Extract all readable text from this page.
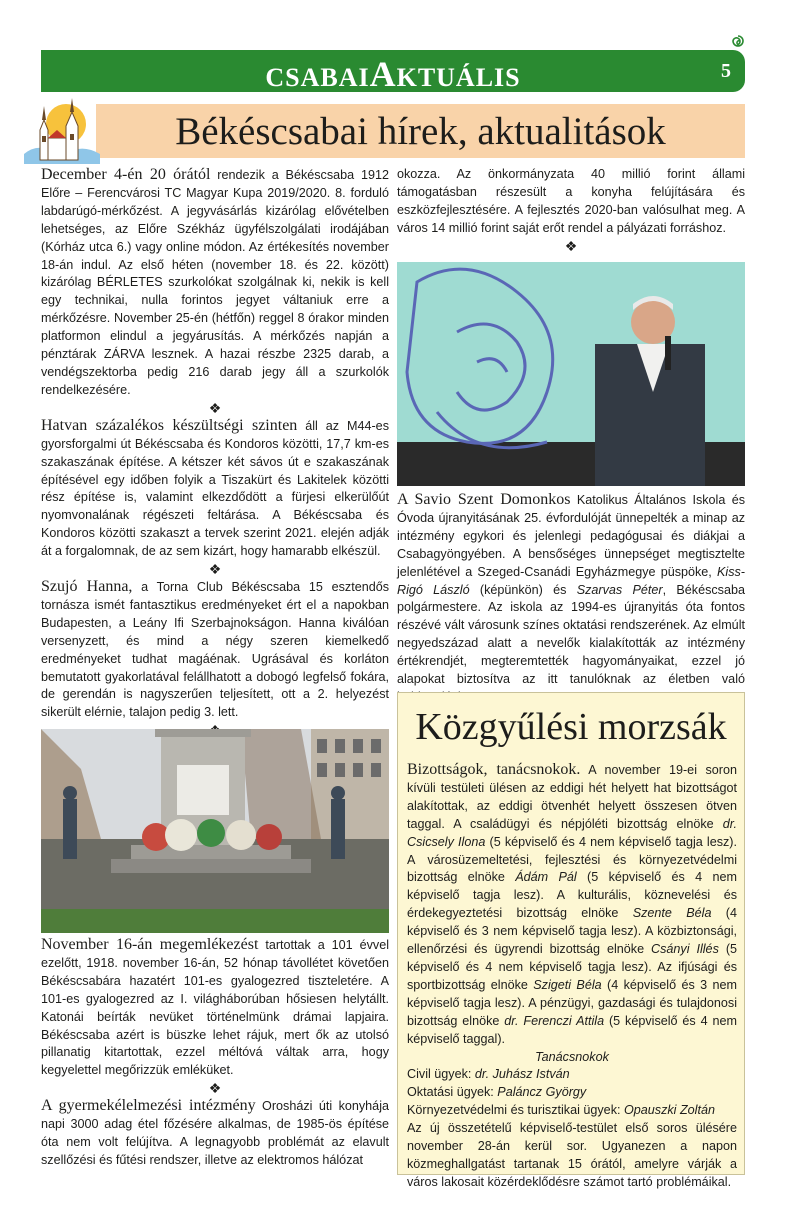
CSABAIAKTUÁLIS	5
Békéscsabai hírek, aktualitások

December 4-én 20 órától rendezik a Békéscsaba 1912 Előre – Ferencvárosi TC Magyar Kupa 2019/2020. 8. forduló labdarúgó-mérkőzést. A jegyvásárlás kizárólag elővételben lehetséges, az Előre Székház ügyfélszolgálati irodájában (Kórház utca 6.) vagy online módon. Az értékesítés november 18-án indul. Az első héten (november 18. és 22. között) kizárólag BÉRLETES szurkolókat szolgálnak ki, nekik is kell egy technikai, nulla forintos jegyet váltaniuk erre a mérkőzésre. November 25-én (hétfőn) reggel 8 órakor minden platformon elindul a jegyárusítás. A mérkőzés napján a pénztárak ZÁRVA lesznek. A hazai részbe 2325 darab, a vendégszektorba pedig 216 darab jegy áll a szurkolók rendelkezésére.

❖

Hatvan százalékos készültségi szinten áll az M44-es gyorsforgalmi út Békéscsaba és Kondoros közötti, 17,7 km-es szakaszának építése. A kétszer két sávos út e szakaszának építésével egy időben folyik a Tiszakürt és Lakitelek közötti rész építése is, valamint elkezdődött a fürjesi elkerülőút nyomvonalának régészeti feltárása. A Békéscsaba és Kondoros közötti szakaszt a tervek szerint 2021. elején adják át a forgalomnak, de az sem kizárt, hogy hamarabb elkészül.

❖

Szujó Hanna, a Torna Club Békéscsaba 15 esztendős tornásza ismét fantasztikus eredményeket ért el a napokban Budapesten, a Leány Ifi Szerbajnokságon. Hanna kiválóan versenyzett, és mind a négy szeren kiemelkedő eredményeket tudhat magáénak. Ugrásával és korláton bemutatott gyakorlatával felállhatott a dobogó legfelső fokára, de gerendán is nagyszerűen teljesített, ott a 2. helyezést sikerült elérnie, talajon pedig 3. lett.

November 16-án megemlékezést tartottak a 101 évvel ezelőtt, 1918. november 16-án, 52 hónap távollétet követően Békéscsabára hazatért 101-es gyalogezred tiszteletére. A 101-es gyalogezred az I. világháborúban hősiesen helytállt. Katonái beírták nevüket történelmünk drámai lapjaira. Békéscsaba azért is büszke lehet rájuk, mert ők az utolsó pillanatig kitartottak, ezzel méltóvá váltak arra, hogy kegyelettel megőrizzük emléküket.

❖

A gyermekélelmezési intézmény Orosházi úti konyhája napi 3000 adag étel főzésére alkalmas, de 1985-ös építése óta nem volt felújítva. A legnagyobb problémát az elavult szellőzési és fűtési rendszer, illetve az elektromos hálózat

okozza. Az önkormányzata 40 millió forint állami támogatásban részesült a konyha felújítására és eszközfejlesztésére. A fejlesztés 2020-ban valósulhat meg. A város 14 millió forint saját erőt rendel a pályázati forráshoz.

❖

A Savio Szent Domonkos Katolikus Általános Iskola és Óvoda újranyitásának 25. évfordulóját ünnepelték a minap az intézmény egykori és jelenlegi pedagógusai és diákjai a Csabagyöngyében. A bensőséges ünnepséget megtisztelte jelenlétével a Szeged-Csanádi Egyházmegye püspöke, Kiss-Rigó László (képünkön) és Szarvas Péter, Békéscsaba polgármestere. Az iskola az 1994-es újranyitás óta fontos részévé vált városunk színes oktatási rendszerének. Az elmúlt negyedszázad alatt a nevelők kialakították az intézmény értékrendjét, megteremtették hagyományaikat, ezzel jó alapokat biztosítva az itt tanulóknak az életben való

Közgyűlési morzsák

Bizottságok, tanácsnokok. A november 19-ei soron kívüli testületi ülésen az eddigi hét helyett hat bizottságot alakítottak, az eddigi ötvenhét helyett összesen ötven taggal. A családügyi és népjóléti bizottság elnöke dr. Csicsely Ilona (5 képviselő és 4 nem képviselő tagja lesz). A városüzemeltetési, fejlesztési és környezetvédelmi bizottság elnöke Ádám Pál (5 képviselő és 4 nem képviselő tagja lesz). A kulturális, köznevelési és érdekegyeztetési bizottság elnöke Szente Béla (4 képviselő és 3 nem képviselő tagja lesz). A közbiztonsági, ellenőrzési és ügyrendi bizottság elnöke Csányi Illés (5 képviselő és 4 nem képviselő tagja lesz). Az ifjúsági és sportbizottság elnöke Szigeti Béla (4 képviselő és 3 nem képviselő tagja lesz). A pénzügyi, gazdasági és tulajdonosi bizottság elnöke dr. Ferenczi Attila (5 képviselő és 4 nem képviselő taggal).

Tanácsnokok

Civil ügyek: dr. Juhász István

Oktatási ügyek: Paláncz György

Környezetvédelmi és turisztikai ügyek: Opauszki Zoltán

Az új összetételű képviselő-testület első soros ülésére november 28-án kerül sor. Ugyanezen a napon közmeghallgatást tartanak 15 órától, amelyre várják a város lakosait közérdeklődésre számot tartó problémáikal.
